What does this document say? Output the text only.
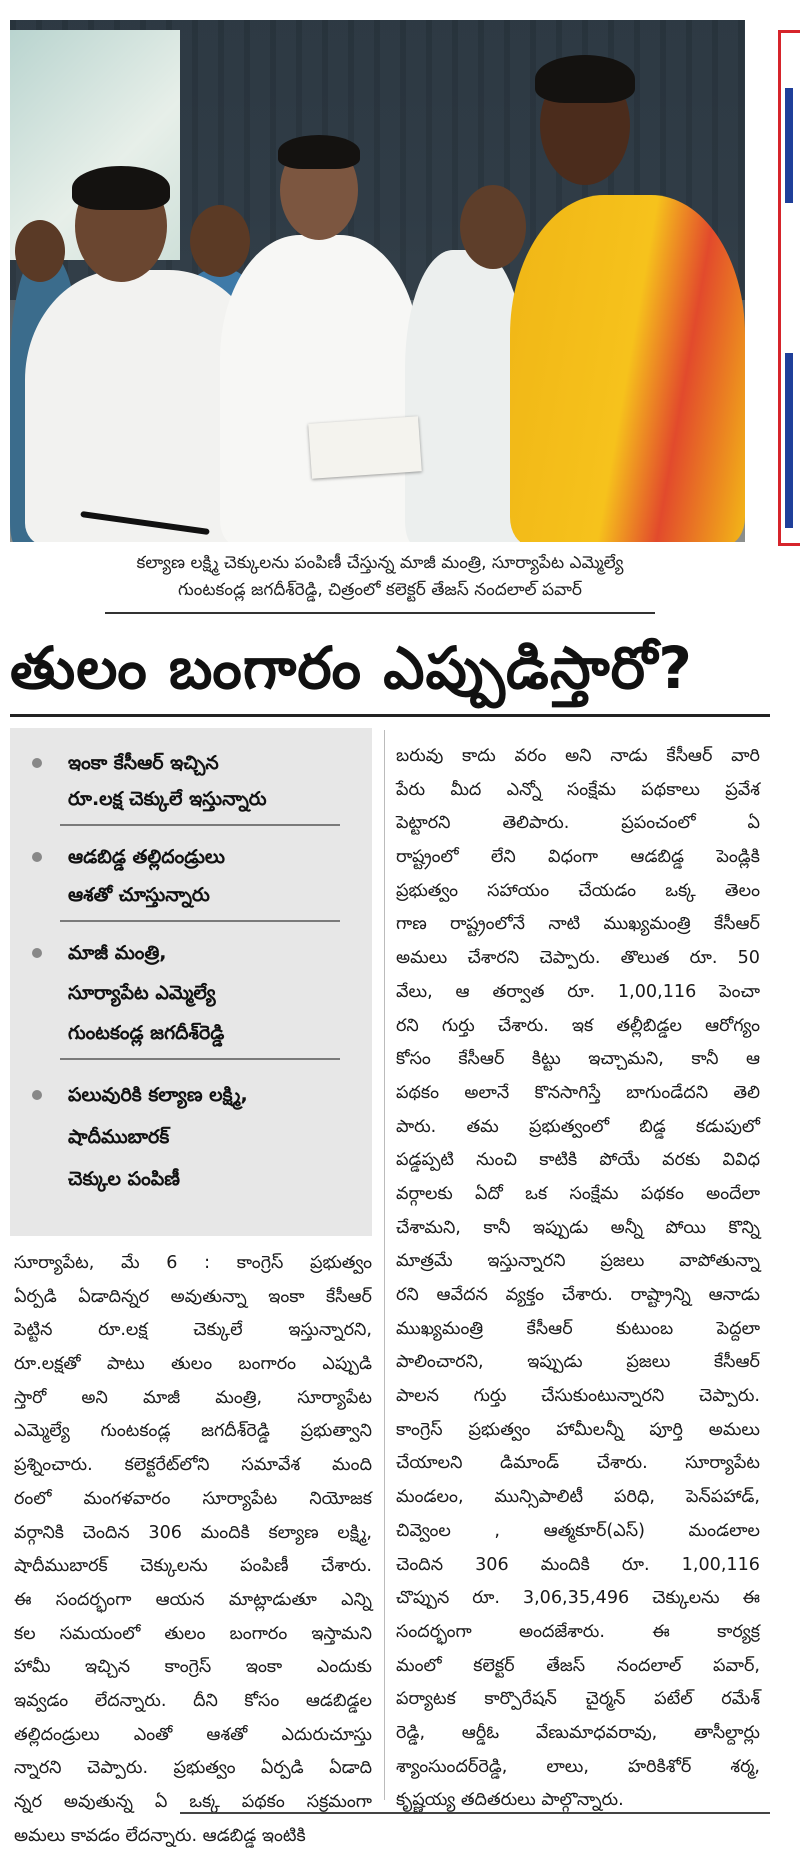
కల్యాణ లక్ష్మి చెక్కులను పంపిణీ చేస్తున్న మాజీ మంత్రి, సూర్యాపేట ఎమ్మెల్యే
గుంటకండ్ల జగదీశ్‌రెడ్డి, చిత్రంలో కలెక్టర్ తేజస్ నందలాల్ పవార్
తులం బంగారం ఎప్పుడిస్తారో?
ఇంకా కేసీఆర్ ఇచ్చిన
రూ.లక్ష చెక్కులే ఇస్తున్నారు
ఆడబిడ్డ తల్లిదండ్రులు
ఆశతో చూస్తున్నారు
మాజీ మంత్రి,
సూర్యాపేట ఎమ్మెల్యే
గుంటకండ్ల జగదీశ్‌రెడ్డి
పలువురికి కల్యాణ లక్ష్మి,
షాదీముబారక్
చెక్కుల పంపిణీ
సూర్యాపేట, మే 6 : కాంగ్రెస్ ప్రభుత్వం
ఏర్పడి ఏడాదిన్నర అవుతున్నా ఇంకా కేసీఆర్
పెట్టిన రూ.లక్ష చెక్కులే ఇస్తున్నారని,
రూ.లక్షతో పాటు తులం బంగారం ఎప్పుడి
స్తారో అని మాజీ మంత్రి, సూర్యాపేట
ఎమ్మెల్యే గుంటకండ్ల జగదీశ్‌రెడ్డి ప్రభుత్వాని
ప్రశ్నించారు. కలెక్టరేట్‌లోని సమావేశ మంది
రంలో మంగళవారం సూర్యాపేట నియోజక
వర్గానికి చెందిన 306 మందికి కల్యాణ లక్ష్మి,
షాదీముబారక్ చెక్కులను పంపిణీ చేశారు.
ఈ సందర్భంగా ఆయన మాట్లాడుతూ ఎన్ని
కల సమయంలో తులం బంగారం ఇస్తామని
హామీ ఇచ్చిన కాంగ్రెస్ ఇంకా ఎందుకు
ఇవ్వడం లేదన్నారు. దీని కోసం ఆడబిడ్డల
తల్లిదండ్రులు ఎంతో ఆశతో ఎదురుచూస్తు
న్నారని చెప్పారు. ప్రభుత్వం ఏర్పడి ఏడాది
న్నర అవుతున్న ఏ ఒక్క పథకం సక్రమంగా
అమలు కావడం లేదన్నారు. ఆడబిడ్డ ఇంటికి
బరువు కాదు వరం అని నాడు కేసీఆర్ వారి
పేరు మీద ఎన్నో సంక్షేమ పథకాలు ప్రవేశ
పెట్టారని తెలిపారు. ప్రపంచంలో ఏ
రాష్ట్రంలో లేని విధంగా ఆడబిడ్డ పెండ్లికి
ప్రభుత్వం సహాయం చేయడం ఒక్క తెలం
గాణ రాష్ట్రంలోనే నాటి ముఖ్యమంత్రి కేసీఆర్
అమలు చేశారని చెప్పారు. తొలుత రూ. 50
వేలు, ఆ తర్వాత రూ. 1,00,116 పెంచా
రని గుర్తు చేశారు. ఇక తల్లీబిడ్డల ఆరోగ్యం
కోసం కేసీఆర్ కిట్టు ఇచ్చామని, కానీ ఆ
పథకం అలానే కొనసాగిస్తే బాగుండేదని తెలి
పారు. తమ ప్రభుత్వంలో బిడ్డ కడుపులో
పడ్డప్పటి నుంచి కాటికి పోయే వరకు వివిధ
వర్గాలకు ఏదో ఒక సంక్షేమ పథకం అందేలా
చేశామని, కానీ ఇప్పుడు అన్నీ పోయి కొన్ని
మాత్రమే ఇస్తున్నారని ప్రజలు వాపోతున్నా
రని ఆవేదన వ్యక్తం చేశారు. రాష్ట్రాన్ని ఆనాడు
ముఖ్యమంత్రి కేసీఆర్ కుటుంబ పెద్దలా
పాలించారని, ఇప్పుడు ప్రజలు కేసీఆర్
పాలన గుర్తు చేసుకుంటున్నారని చెప్పారు.
కాంగ్రెస్ ప్రభుత్వం హామీలన్నీ పూర్తి అమలు
చేయాలని డిమాండ్ చేశారు. సూర్యాపేట
మండలం, మున్సిపాలిటీ పరిధి, పెన్‌పహాడ్,
చివ్వెంల , ఆత్మకూర్(ఎస్) మండలాల
చెందిన 306 మందికి రూ. 1,00,116
చొప్పున రూ. 3,06,35,496 చెక్కులను ఈ
సందర్భంగా అందజేశారు. ఈ కార్యక్ర
మంలో కలెక్టర్ తేజస్ నందలాల్ పవార్,
పర్యాటక కార్పొరేషన్ చైర్మన్ పటేల్ రమేశ్
రెడ్డి, ఆర్డీఓ వేణుమాధవరావు, తాసీల్దార్లు
శ్యాంసుందర్‌రెడ్డి, లాలు, హరికిశోర్ శర్మ,
కృష్ణయ్య తదితరులు పాల్గొన్నారు.
